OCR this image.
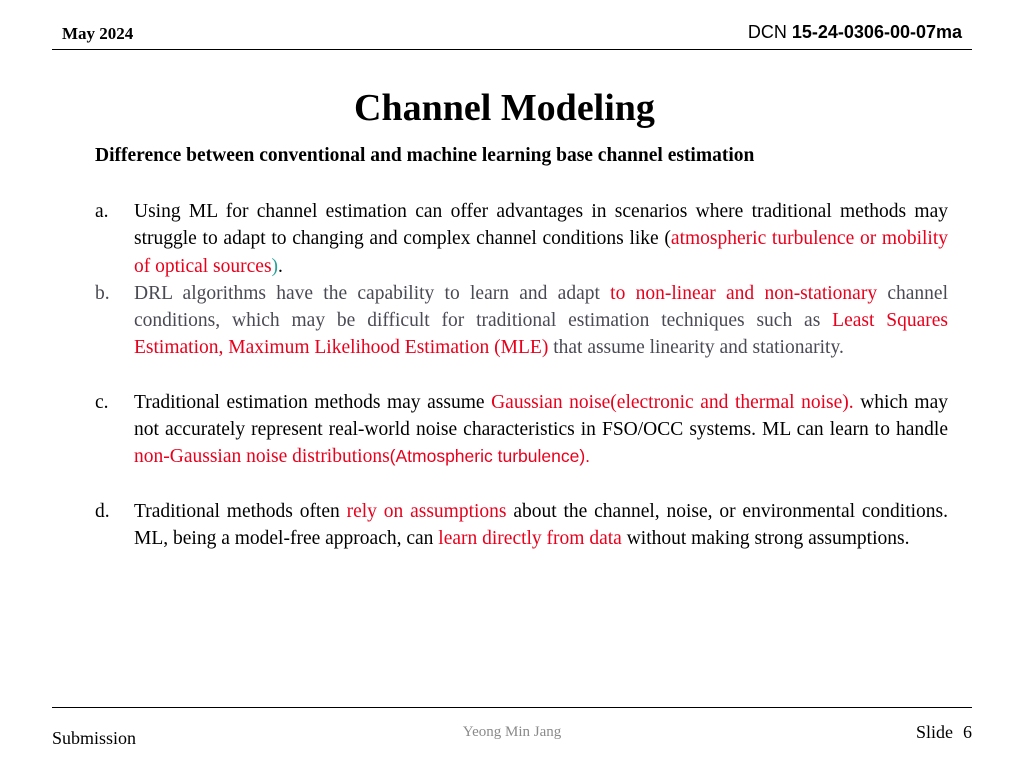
May 2024	DCN 15-24-0306-00-07ma
Channel Modeling
Difference between conventional and machine learning base channel estimation
a. Using ML for channel estimation can offer advantages in scenarios where traditional methods may struggle to adapt to changing and complex channel conditions like (atmospheric turbulence or mobility of optical sources).
b. DRL algorithms have the capability to learn and adapt to non-linear and non-stationary channel conditions, which may be difficult for traditional estimation techniques such as Least Squares Estimation, Maximum Likelihood Estimation (MLE) that assume linearity and stationarity.
c. Traditional estimation methods may assume Gaussian noise(electronic and thermal noise). which may not accurately represent real-world noise characteristics in FSO/OCC systems. ML can learn to handle non-Gaussian noise distributions(Atmospheric turbulence).
d. Traditional methods often rely on assumptions about the channel, noise, or environmental conditions. ML, being a model-free approach, can learn directly from data without making strong assumptions.
Submission	Yeong Min Jang	Slide 6
